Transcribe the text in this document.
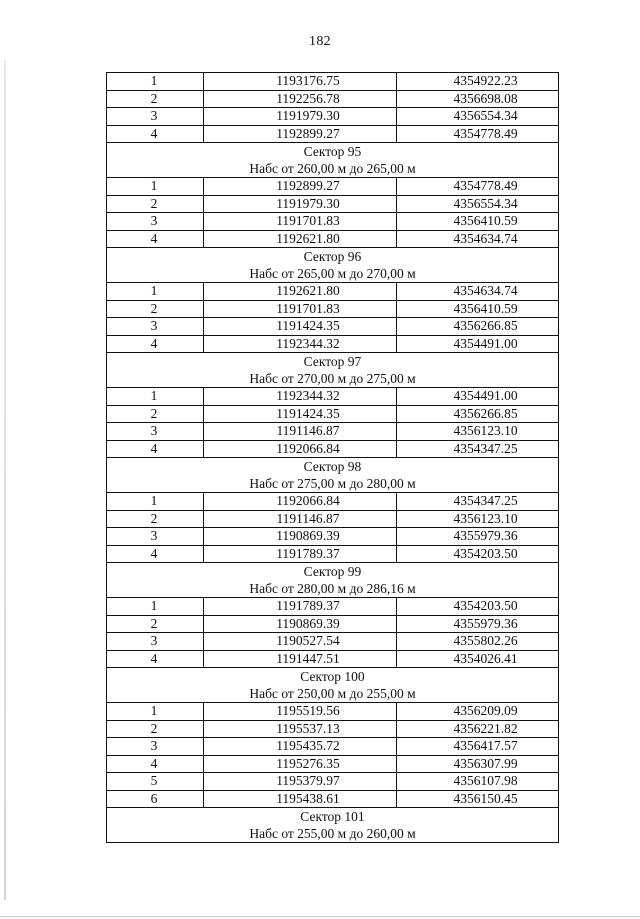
182
1	1193176.75	4354922.23
2	1192256.78	4356698.08
3	1191979.30	4356554.34
4	1192899.27	4354778.49
Сектор 95		
Набс от 260,00 м до 265,00 м		
1	1192899.27	4354778.49
2	1191979.30	4356554.34
3	1191701.83	4356410.59
4	1192621.80	4354634.74
Сектор 96		
Набс от 265,00 м до 270,00 м		
1	1192621.80	4354634.74
2	1191701.83	4356410.59
3	1191424.35	4356266.85
4	1192344.32	4354491.00
Сектор 97		
Набс от 270,00 м до 275,00 м		
1	1192344.32	4354491.00
2	1191424.35	4356266.85
3	1191146.87	4356123.10
4	1192066.84	4354347.25
Сектор 98		
Набс от 275,00 м до 280,00 м		
1	1192066.84	4354347.25
2	1191146.87	4356123.10
3	1190869.39	4355979.36
4	1191789.37	4354203.50
Сектор 99		
Набс от 280,00 м до 286,16 м		
1	1191789.37	4354203.50
2	1190869.39	4355979.36
3	1190527.54	4355802.26
4	1191447.51	4354026.41
Сектор 100		
Набс от 250,00 м до 255,00 м		
1	1195519.56	4356209.09
2	1195537.13	4356221.82
3	1195435.72	4356417.57
4	1195276.35	4356307.99
5	1195379.97	4356107.98
6	1195438.61	4356150.45
Сектор 101		
Набс от 255,00 м до 260,00 м		
